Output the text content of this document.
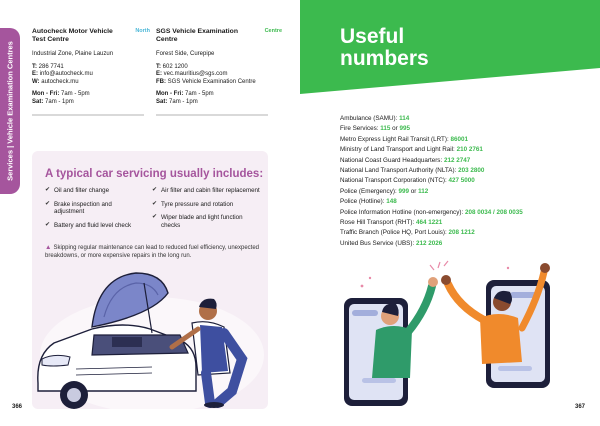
Services | Vehicle Examination Centres
Autocheck Motor Vehicle Test Centre
North
Industrial Zone, Plaine Lauzun
T: 286 7741
E: info@autocheck.mu
W: autocheck.mu
Mon - Fri: 7am - 5pm
Sat: 7am - 1pm
SGS Vehicle Examination Centre
Centre
Forest Side, Curepipe
T: 602 1200
E: vec.mauritius@sgs.com
FB: SGS Vehicle Examination Centre
Mon - Fri: 7am - 5pm
Sat: 7am - 1pm
A typical car servicing usually includes:
✔ Oil and filter change
✔ Brake inspection and adjustment
✔ Battery and fluid level check
✔ Air filter and cabin filter replacement
✔ Tyre pressure and rotation
✔ Wiper blade and light function checks
▲ Skipping regular maintenance can lead to reduced fuel efficiency, unexpected breakdowns, or more expensive repairs in the long run.
366
Useful numbers
Ambulance (SAMU): 114
Fire Services: 115 or 995
Metro Express Light Rail Transit (LRT): 86001
Ministry of Land Transport and Light Rail: 210 2761
National Coast Guard Headquarters: 212 2747
National Land Transport Authority (NLTA): 203 2800
National Transport Corporation (NTC): 427 5000
Police (Emergency): 999 or 112
Police (Hotline): 148
Police Information Hotline (non-emergency): 208 0034 / 208 0035
Rose Hill Transport (RHT): 464 1221
Traffic Branch (Police HQ, Port Louis): 208 1212
United Bus Service (UBS): 212 2026
367
